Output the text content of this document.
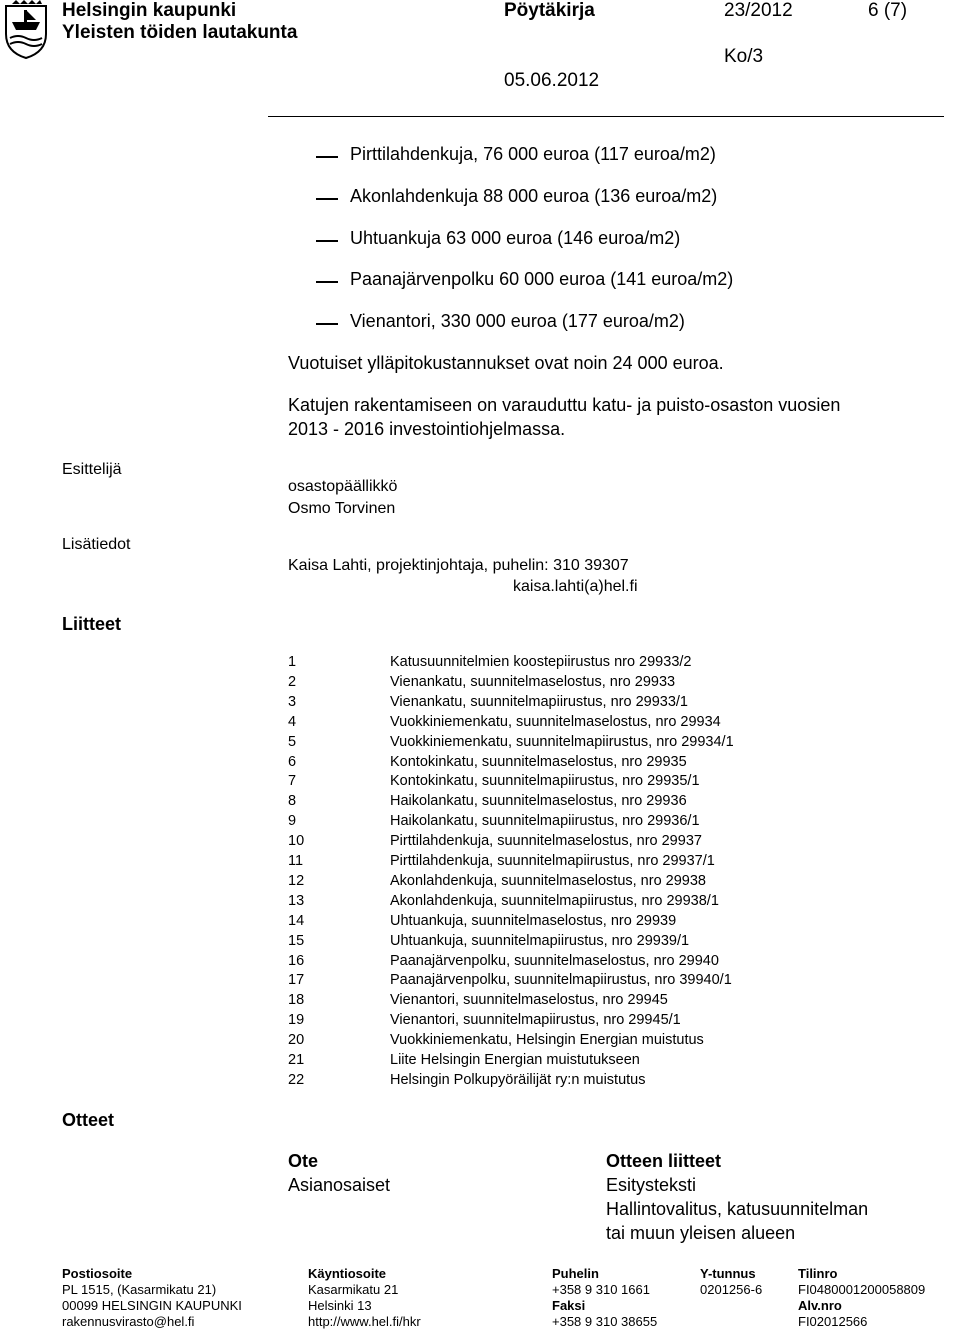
Helsingin kaupunki
Yleisten töiden lautakunta
Pöytäkirja	23/2012	6 (7)
Ko/3
05.06.2012
Pirttilahdenkuja, 76 000 euroa (117 euroa/m2)
Akonlahdenkuja 88 000 euroa (136 euroa/m2)
Uhtuankuja 63 000 euroa (146 euroa/m2)
Paanajärvenpolku 60 000 euroa (141 euroa/m2)
Vienantori, 330 000 euroa (177 euroa/m2)
Vuotuiset ylläpitokustannukset ovat noin 24 000 euroa.
Katujen rakentamiseen on varauduttu katu- ja puisto-osaston vuosien
2013 - 2016 investointiohjelmassa.
Esittelijä
osastopäällikkö
Osmo Torvinen
Lisätiedot
Kaisa Lahti, projektinjohtaja, puhelin: 310 39307
kaisa.lahti(a)hel.fi
Liitteet
1	Katusuunnitelmien koostepiirustus nro 29933/2
2	Vienankatu, suunnitelmaselostus, nro 29933
3	Vienankatu, suunnitelmapiirustus, nro 29933/1
4	Vuokkiniemenkatu, suunnitelmaselostus, nro 29934
5	Vuokkiniemenkatu, suunnitelmapiirustus, nro 29934/1
6	Kontokinkatu, suunnitelmaselostus, nro 29935
7	Kontokinkatu, suunnitelmapiirustus, nro 29935/1
8	Haikolankatu, suunnitelmaselostus, nro 29936
9	Haikolankatu, suunnitelmapiirustus, nro 29936/1
10	Pirttilahdenkuja, suunnitelmaselostus, nro 29937
11	Pirttilahdenkuja, suunnitelmapiirustus, nro 29937/1
12	Akonlahdenkuja, suunnitelmaselostus, nro 29938
13	Akonlahdenkuja, suunnitelmapiirustus, nro 29938/1
14	Uhtuankuja, suunnitelmaselostus, nro 29939
15	Uhtuankuja, suunnitelmapiirustus, nro 29939/1
16	Paanajärvenpolku, suunnitelmaselostus, nro 29940
17	Paanajärvenpolku, suunnitelmapiirustus, nro 39940/1
18	Vienantori, suunnitelmaselostus, nro 29945
19	Vienantori, suunnitelmapiirustus, nro 29945/1
20	Vuokkiniemenkatu, Helsingin Energian muistutus
21	Liite Helsingin Energian muistutukseen
22	Helsingin Polkupyöräilijät ry:n muistutus
Otteet
Ote
Asianosaiset
Otteen liitteet
Esitysteksti
Hallintovalitus, katusuunnitelman
tai muun yleisen alueen
Postiosoite
PL 1515, (Kasarmikatu 21)
00099 HELSINGIN KAUPUNKI
rakennusvirasto@hel.fi
Käyntiosoite
Kasarmikatu 21
Helsinki 13
http://www.hel.fi/hkr
Puhelin
+358 9 310 1661
Faksi
+358 9 310 38655
Y-tunnus
0201256-6
Tilinro
FI0480001200058809
Alv.nro
FI02012566
